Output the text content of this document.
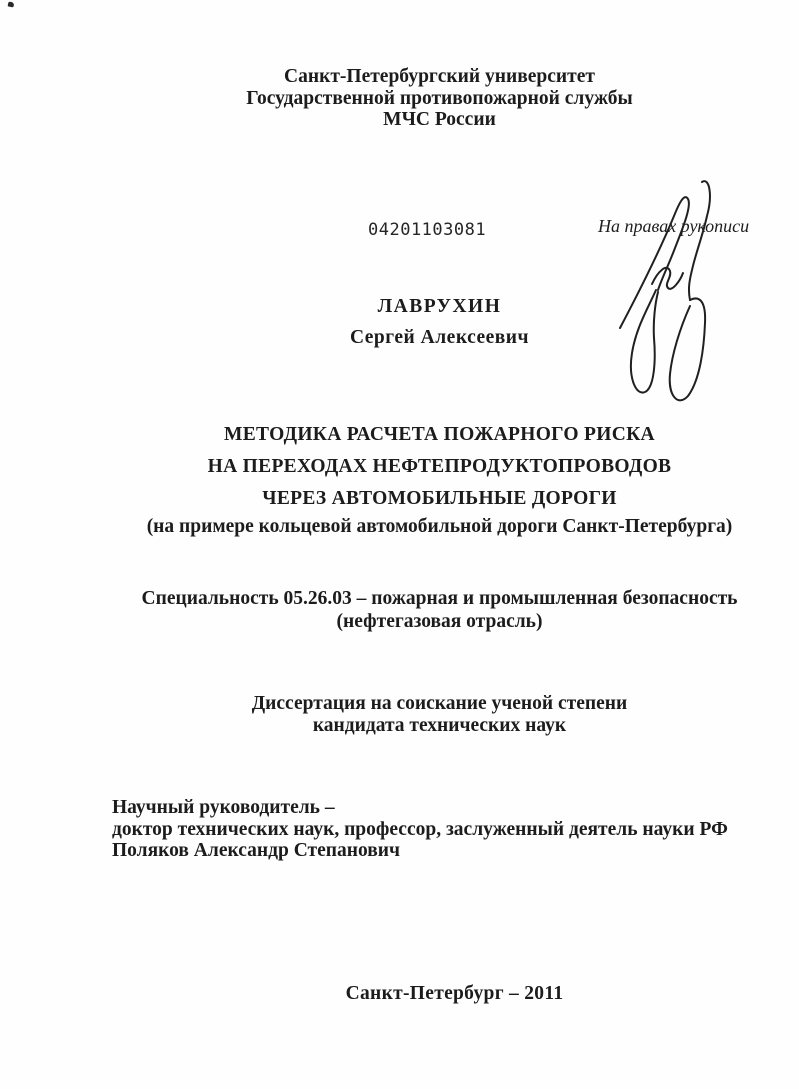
Санкт-Петербургский университет
Государственной противопожарной службы
МЧС России
04201103081	На правах рукописи
ЛАВРУХИН
Сергей Алексеевич
МЕТОДИКА РАСЧЕТА ПОЖАРНОГО РИСКА
НА ПЕРЕХОДАХ НЕФТЕПРОДУКТОПРОВОДОВ
ЧЕРЕЗ АВТОМОБИЛЬНЫЕ ДОРОГИ
(на примере кольцевой автомобильной дороги Санкт-Петербурга)
Специальность 05.26.03 – пожарная и промышленная безопасность
(нефтегазовая отрасль)
Диссертация на соискание ученой степени
кандидата технических наук
Научный руководитель –
доктор технических наук, профессор, заслуженный деятель науки РФ
Поляков Александр Степанович
Санкт-Петербург – 2011
